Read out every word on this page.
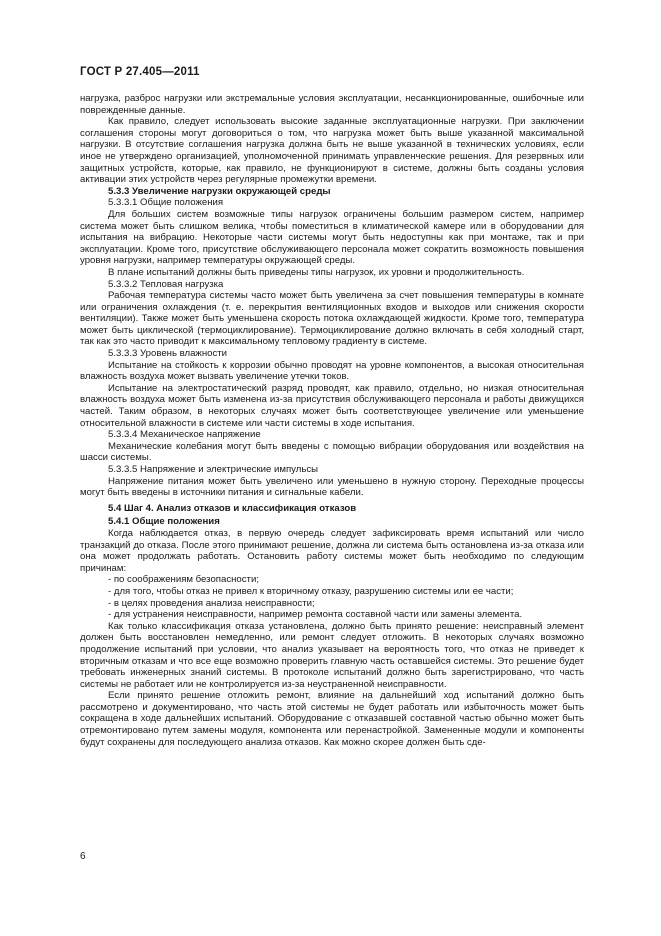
ГОСТ Р 27.405—2011

нагрузка, разброс нагрузки или экстремальные условия эксплуатации, несанкционированные, ошибочные или поврежденные данные.

Как правило, следует использовать высокие заданные эксплуатационные нагрузки. При заключении соглашения стороны могут договориться о том, что нагрузка может быть выше указанной максимальной нагрузки. В отсутствие соглашения нагрузка должна быть не выше указанной в технических условиях, если иное не утверждено организацией, уполномоченной принимать управленческие решения. Для резервных или защитных устройств, которые, как правило, не функционируют в системе, должны быть созданы условия активации этих устройств через регулярные промежутки времени.

5.3.3 Увеличение нагрузки окружающей среды

5.3.3.1 Общие положения

Для больших систем возможные типы нагрузок ограничены большим размером систем, например система может быть слишком велика, чтобы поместиться в климатической камере или в оборудовании для испытания на вибрацию. Некоторые части системы могут быть недоступны как при монтаже, так и при эксплуатации. Кроме того, присутствие обслуживающего персонала может сократить возможность повышения уровня нагрузки, например температуры окружающей среды.

В плане испытаний должны быть приведены типы нагрузок, их уровни и продолжительность.

5.3.3.2 Тепловая нагрузка

Рабочая температура системы часто может быть увеличена за счет повышения температуры в комнате или ограничения охлаждения (т. е. перекрытия вентиляционных входов и выходов или снижения скорости вентиляции). Также может быть уменьшена скорость потока охлаждающей жидкости. Кроме того, температура может быть циклической (термоциклирование). Термоциклирование должно включать в себя холодный старт, так как это часто приводит к максимальному тепловому градиенту в системе.

5.3.3.3 Уровень влажности

Испытание на стойкость к коррозии обычно проводят на уровне компонентов, а высокая относительная влажность воздуха может вызвать увеличение утечки токов.

Испытание на электростатический разряд проводят, как правило, отдельно, но низкая относительная влажность воздуха может быть изменена из-за присутствия обслуживающего персонала и работы движущихся частей. Таким образом, в некоторых случаях может быть соответствующее увеличение или уменьшение относительной влажности в системе или части системы в ходе испытания.

5.3.3.4 Механическое напряжение

Механические колебания могут быть введены с помощью вибрации оборудования или воздействия на шасси системы.

5.3.3.5 Напряжение и электрические импульсы

Напряжение питания может быть увеличено или уменьшено в нужную сторону. Переходные процессы могут быть введены в источники питания и сигнальные кабели.

5.4 Шаг 4. Анализ отказов и классификация отказов

5.4.1 Общие положения

Когда наблюдается отказ, в первую очередь следует зафиксировать время испытаний или число транзакций до отказа. После этого принимают решение, должна ли система быть остановлена из-за отказа или она может продолжать работать. Остановить работу системы может быть необходимо по следующим причинам:

- по соображениям безопасности;

- для того, чтобы отказ не привел к вторичному отказу, разрушению системы или ее части;

- в целях проведения анализа неисправности;

- для устранения неисправности, например ремонта составной части или замены элемента.

Как только классификация отказа установлена, должно быть принято решение: неисправный элемент должен быть восстановлен немедленно, или ремонт следует отложить. В некоторых случаях возможно продолжение испытаний при условии, что анализ указывает на вероятность того, что отказ не приведет к вторичным отказам и что все еще возможно проверить главную часть оставшейся системы. Это решение будет требовать инженерных знаний системы. В протоколе испытаний должно быть зарегистрировано, что часть системы не работает или не контролируется из-за неустраненной неисправности.

Если принято решение отложить ремонт, влияние на дальнейший ход испытаний должно быть рассмотрено и документировано, что часть этой системы не будет работать или избыточность может быть сокращена в ходе дальнейших испытаний. Оборудование с отказавшей составной частью обычно может быть отремонтировано путем замены модуля, компонента или перенастройкой. Замененные модули и компоненты будут сохранены для последующего анализа отказов. Как можно скорее должен быть сде-

6
